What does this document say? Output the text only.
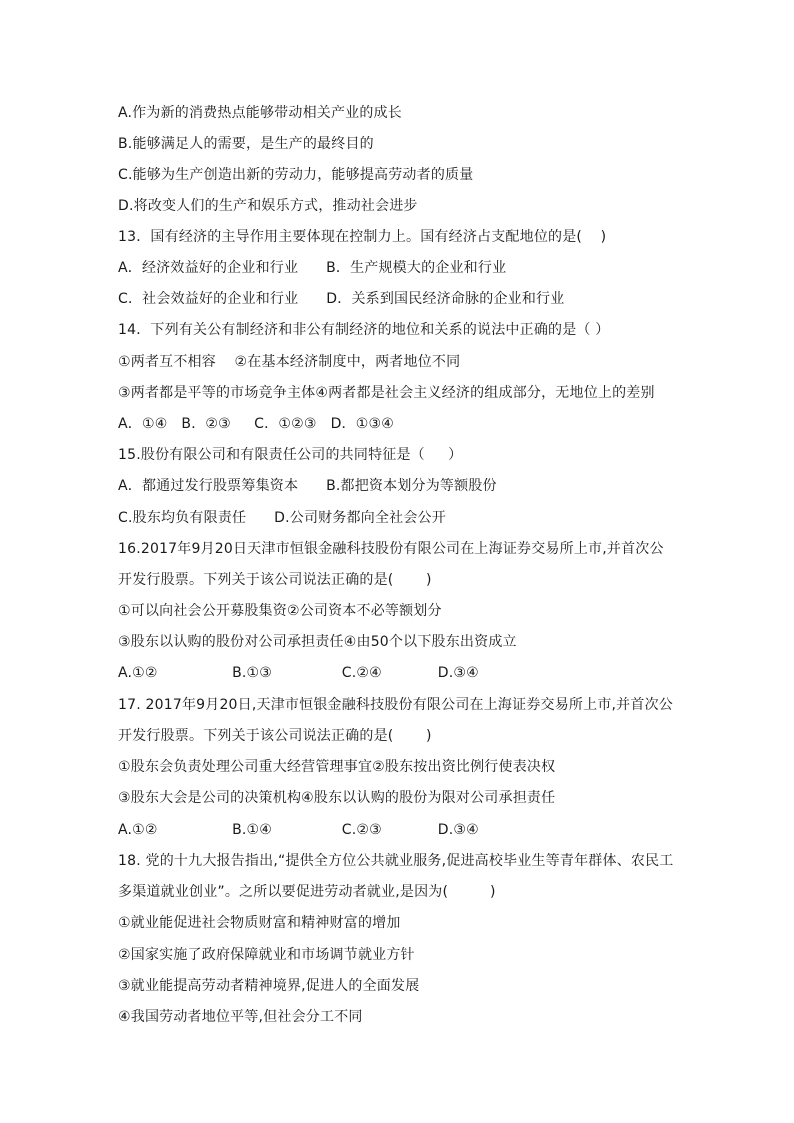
A.作为新的消费热点能够带动相关产业的成长
B.能够满足人的需要，是生产的最终目的
C.能够为生产创造出新的劳动力，能够提高劳动者的质量
D.将改变人们的生产和娱乐方式，推动社会进步
13．国有经济的主导作用主要体现在控制力上。国有经济占支配地位的是(    )
A．经济效益好的企业和行业      B．生产规模大的企业和行业
C．社会效益好的企业和行业      D．关系到国民经济命脉的企业和行业
14．下列有关公有制经济和非公有制经济的地位和关系的说法中正确的是（ ）
①两者互不相容    ②在基本经济制度中，两者地位不同
③两者都是平等的市场竞争主体④两者都是社会主义经济的组成部分，无地位上的差别
A．①④   B．②③     C．①②③   D．①③④
15.股份有限公司和有限责任公司的共同特征是（     ）
A．都通过发行股票筹集资本      B.都把资本划分为等额股份
C.股东均负有限责任      D.公司财务都向全社会公开
16.2017年9月20日天津市恒银金融科技股份有限公司在上海证券交易所上市,并首次公
开发行股票。下列关于该公司说法正确的是(       )
①可以向社会公开募股集资②公司资本不必等额划分
③股东以认购的股份对公司承担责任④由50个以下股东出资成立
A.①②                B.①③               C.②④            D.③④
17. 2017年9月20日,天津市恒银金融科技股份有限公司在上海证券交易所上市,并首次公
开发行股票。下列关于该公司说法正确的是(       )
①股东会负责处理公司重大经营管理事宜②股东按出资比例行使表决权
③股东大会是公司的决策机构④股东以认购的股份为限对公司承担责任
A.①②                B.①④               C.②③            D.③④
18. 党的十九大报告指出,“提供全方位公共就业服务,促进高校毕业生等青年群体、农民工
多渠道就业创业”。之所以要促进劳动者就业,是因为(         )
①就业能促进社会物质财富和精神财富的增加
②国家实施了政府保障就业和市场调节就业方针
③就业能提高劳动者精神境界,促进人的全面发展
④我国劳动者地位平等,但社会分工不同
